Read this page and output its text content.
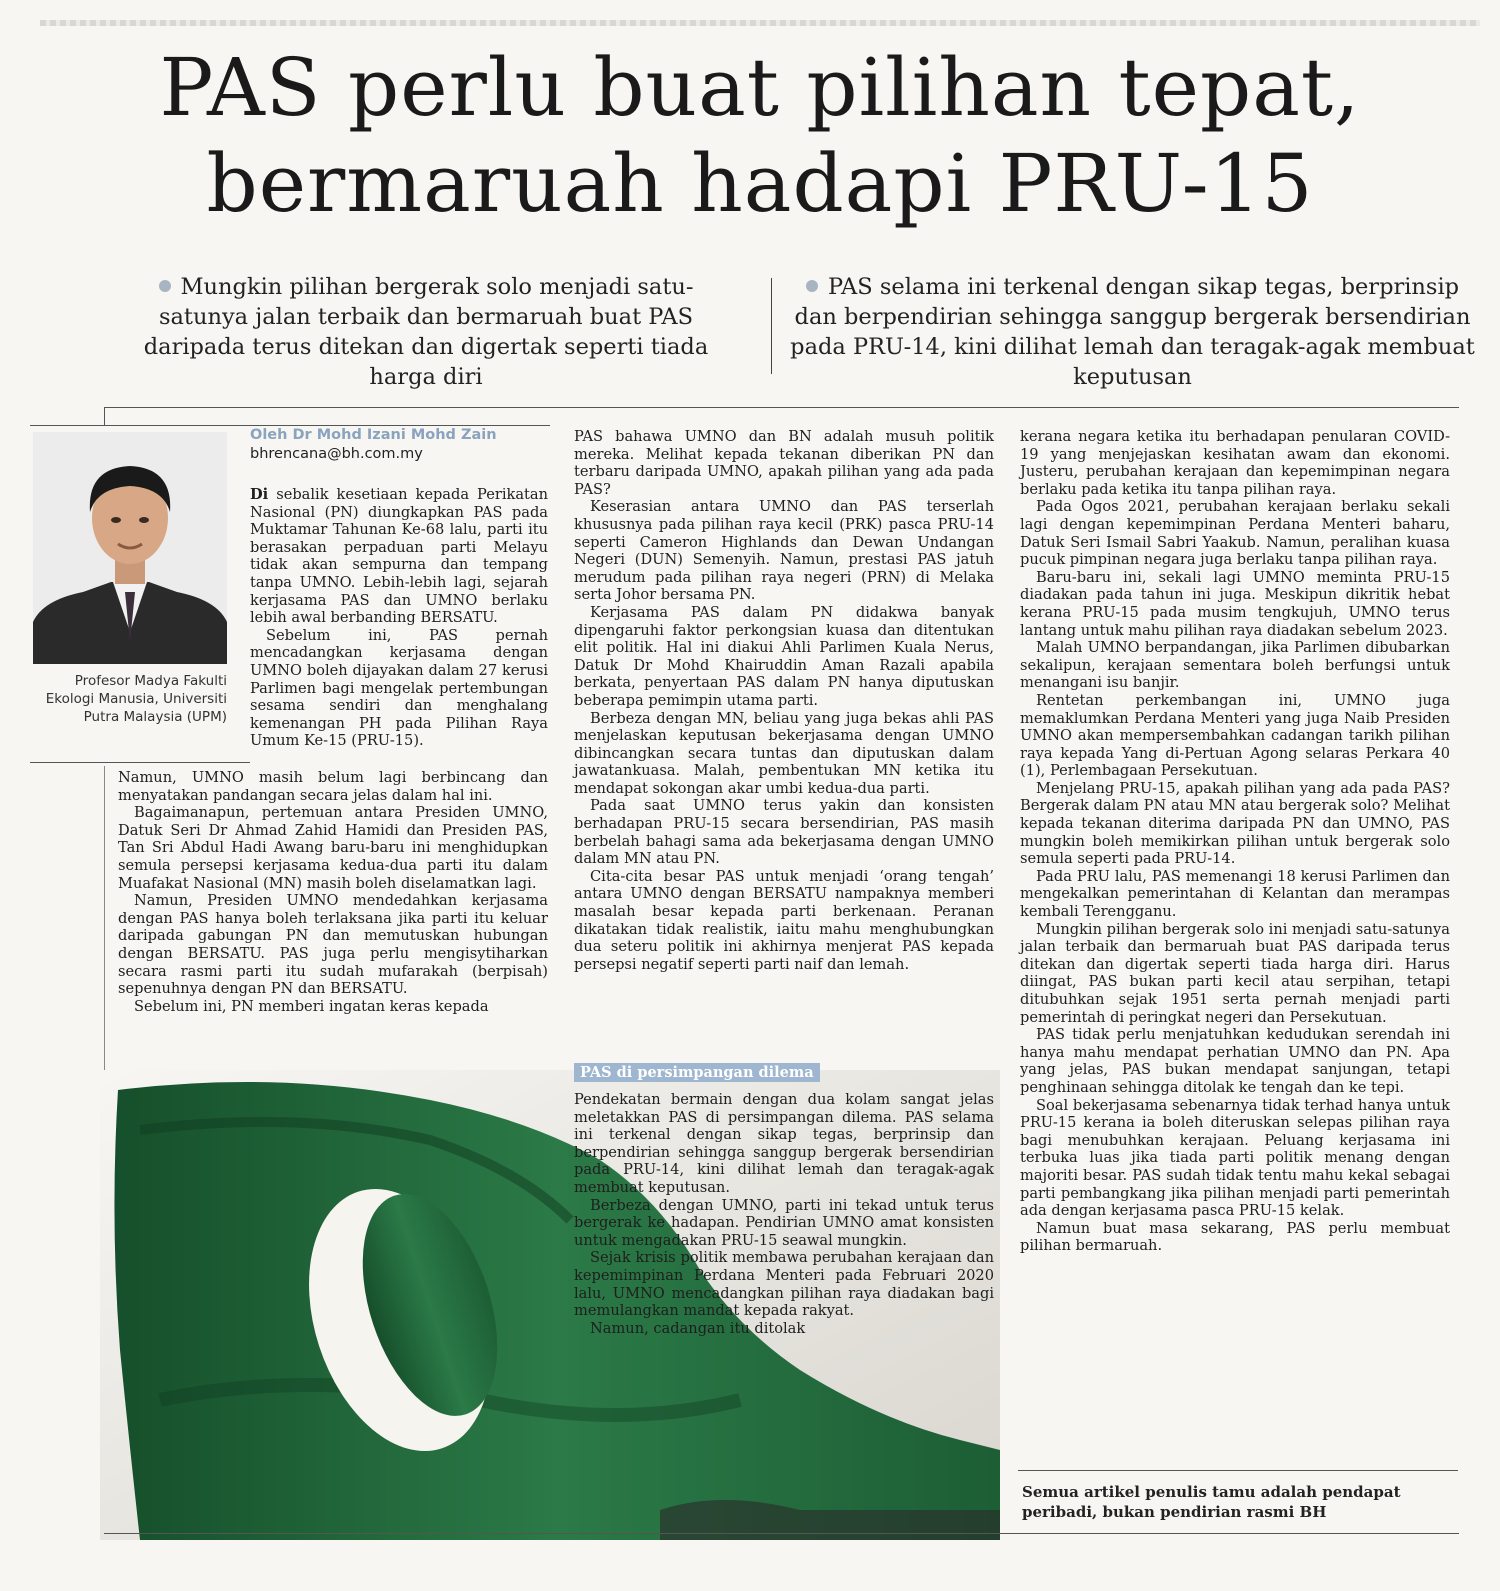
PAS perlu buat pilihan tepat,
bermaruah hadapi PRU-15
Mungkin pilihan bergerak solo menjadi satu-satunya jalan terbaik dan bermaruah buat PAS daripada terus ditekan dan digertak seperti tiada harga diri
PAS selama ini terkenal dengan sikap tegas, berprinsip dan berpendirian sehingga sanggup bergerak bersendirian pada PRU-14, kini dilihat lemah dan teragak-agak membuat keputusan
Profesor Madya Fakulti Ekologi Manusia, Universiti Putra Malaysia (UPM)
Oleh Dr Mohd Izani Mohd Zain
bhrencana@bh.com.my

Di sebalik kesetiaan kepada Perikatan Nasional (PN) diungkapkan PAS pada Muktamar Tahunan Ke-68 lalu, parti itu berasakan perpaduan parti Melayu tidak akan sempurna dan tempang tanpa UMNO. Lebih-lebih lagi, sejarah kerjasama PAS dan UMNO berlaku lebih awal berbanding BERSATU.

Sebelum ini, PAS pernah mencadangkan kerjasama dengan UMNO boleh dijayakan dalam 27 kerusi Parlimen bagi mengelak pertembungan sesama sendiri dan menghalang kemenangan PH pada Pilihan Raya Umum Ke-15 (PRU-15).

Namun, UMNO masih belum lagi berbincang dan menyatakan pandangan secara jelas dalam hal ini.

Bagaimanapun, pertemuan antara Presiden UMNO, Datuk Seri Dr Ahmad Zahid Hamidi dan Presiden PAS, Tan Sri Abdul Hadi Awang baru-baru ini menghidupkan semula persepsi kerjasama kedua-dua parti itu dalam Muafakat Nasional (MN) masih boleh diselamatkan lagi.

Namun, Presiden UMNO mendedahkan kerjasama dengan PAS hanya boleh terlaksana jika parti itu keluar daripada gabungan PN dan memutuskan hubungan dengan BERSATU. PAS juga perlu mengisytiharkan secara rasmi parti itu sudah mufarakah (berpisah) sepenuhnya dengan PN dan BERSATU.

Sebelum ini, PN memberi ingatan keras kepada

PAS bahawa UMNO dan BN adalah musuh politik mereka. Melihat kepada tekanan diberikan PN dan terbaru daripada UMNO, apakah pilihan yang ada pada PAS?

Keserasian antara UMNO dan PAS terserlah khususnya pada pilihan raya kecil (PRK) pasca PRU-14 seperti Cameron Highlands dan Dewan Undangan Negeri (DUN) Semenyih. Namun, prestasi PAS jatuh merudum pada pilihan raya negeri (PRN) di Melaka serta Johor bersama PN.

Kerjasama PAS dalam PN didakwa banyak dipengaruhi faktor perkongsian kuasa dan ditentukan elit politik. Hal ini diakui Ahli Parlimen Kuala Nerus, Datuk Dr Mohd Khairuddin Aman Razali apabila berkata, penyertaan PAS dalam PN hanya diputuskan beberapa pemimpin utama parti.

Berbeza dengan MN, beliau yang juga bekas ahli PAS menjelaskan keputusan bekerjasama dengan UMNO dibincangkan secara tuntas dan diputuskan dalam jawatankuasa. Malah, pembentukan MN ketika itu mendapat sokongan akar umbi kedua-dua parti.

Pada saat UMNO terus yakin dan konsisten berhadapan PRU-15 secara bersendirian, PAS masih berbelah bahagi sama ada bekerjasama dengan UMNO dalam MN atau PN.

Cita-cita besar PAS untuk menjadi ‘orang tengah’ antara UMNO dengan BERSATU nampaknya memberi masalah besar kepada parti berkenaan. Peranan dikatakan tidak realistik, iaitu mahu menghubungkan dua seteru politik ini akhirnya menjerat PAS kepada persepsi negatif seperti parti naif dan lemah.

PAS di persimpangan dilema

Pendekatan bermain dengan dua kolam sangat jelas meletakkan PAS di persimpangan dilema. PAS selama ini terkenal dengan sikap tegas, berprinsip dan berpendirian sehingga sanggup bergerak bersendirian pada PRU-14, kini dilihat lemah dan teragak-agak membuat keputusan.

Berbeza dengan UMNO, parti ini tekad untuk terus bergerak ke hadapan. Pendirian UMNO amat konsisten untuk mengadakan PRU-15 seawal mungkin.

Sejak krisis politik membawa perubahan kerajaan dan kepemimpinan Perdana Menteri pada Februari 2020 lalu, UMNO mencadangkan pilihan raya diadakan bagi memulangkan mandat kepada rakyat.

Namun, cadangan itu ditolak

kerana negara ketika itu berhadapan penularan COVID-19 yang menjejaskan kesihatan awam dan ekonomi. Justeru, perubahan kerajaan dan kepemimpinan negara berlaku pada ketika itu tanpa pilihan raya.

Pada Ogos 2021, perubahan kerajaan berlaku sekali lagi dengan kepemimpinan Perdana Menteri baharu, Datuk Seri Ismail Sabri Yaakub. Namun, peralihan kuasa pucuk pimpinan negara juga berlaku tanpa pilihan raya.

Baru-baru ini, sekali lagi UMNO meminta PRU-15 diadakan pada tahun ini juga. Meskipun dikritik hebat kerana PRU-15 pada musim tengkujuh, UMNO terus lantang untuk mahu pilihan raya diadakan sebelum 2023.

Malah UMNO berpandangan, jika Parlimen dibubarkan sekalipun, kerajaan sementara boleh berfungsi untuk menangani isu banjir.

Rentetan perkembangan ini, UMNO juga memaklumkan Perdana Menteri yang juga Naib Presiden UMNO akan mempersembahkan cadangan tarikh pilihan raya kepada Yang di-Pertuan Agong selaras Perkara 40 (1), Perlembagaan Persekutuan.

Menjelang PRU-15, apakah pilihan yang ada pada PAS? Bergerak dalam PN atau MN atau bergerak solo? Melihat kepada tekanan diterima daripada PN dan UMNO, PAS mungkin boleh memikirkan pilihan untuk bergerak solo semula seperti pada PRU-14.

Pada PRU lalu, PAS memenangi 18 kerusi Parlimen dan mengekalkan pemerintahan di Kelantan dan merampas kembali Terengganu.

Mungkin pilihan bergerak solo ini menjadi satu-satunya jalan terbaik dan bermaruah buat PAS daripada terus ditekan dan digertak seperti tiada harga diri. Harus diingat, PAS bukan parti kecil atau serpihan, tetapi ditubuhkan sejak 1951 serta pernah menjadi parti pemerintah di peringkat negeri dan Persekutuan.

PAS tidak perlu menjatuhkan kedudukan serendah ini hanya mahu mendapat perhatian UMNO dan PN. Apa yang jelas, PAS bukan mendapat sanjungan, tetapi penghinaan sehingga ditolak ke tengah dan ke tepi.

Soal bekerjasama sebenarnya tidak terhad hanya untuk PRU-15 kerana ia boleh diteruskan selepas pilihan raya bagi menubuhkan kerajaan. Peluang kerjasama ini terbuka luas jika tiada parti politik menang dengan majoriti besar. PAS sudah tidak tentu mahu kekal sebagai parti pembangkang jika pilihan menjadi parti pemerintah ada dengan kerjasama pasca PRU-15 kelak.

Namun buat masa sekarang, PAS perlu membuat pilihan bermaruah.

Semua artikel penulis tamu adalah pendapat peribadi, bukan pendirian rasmi BH
